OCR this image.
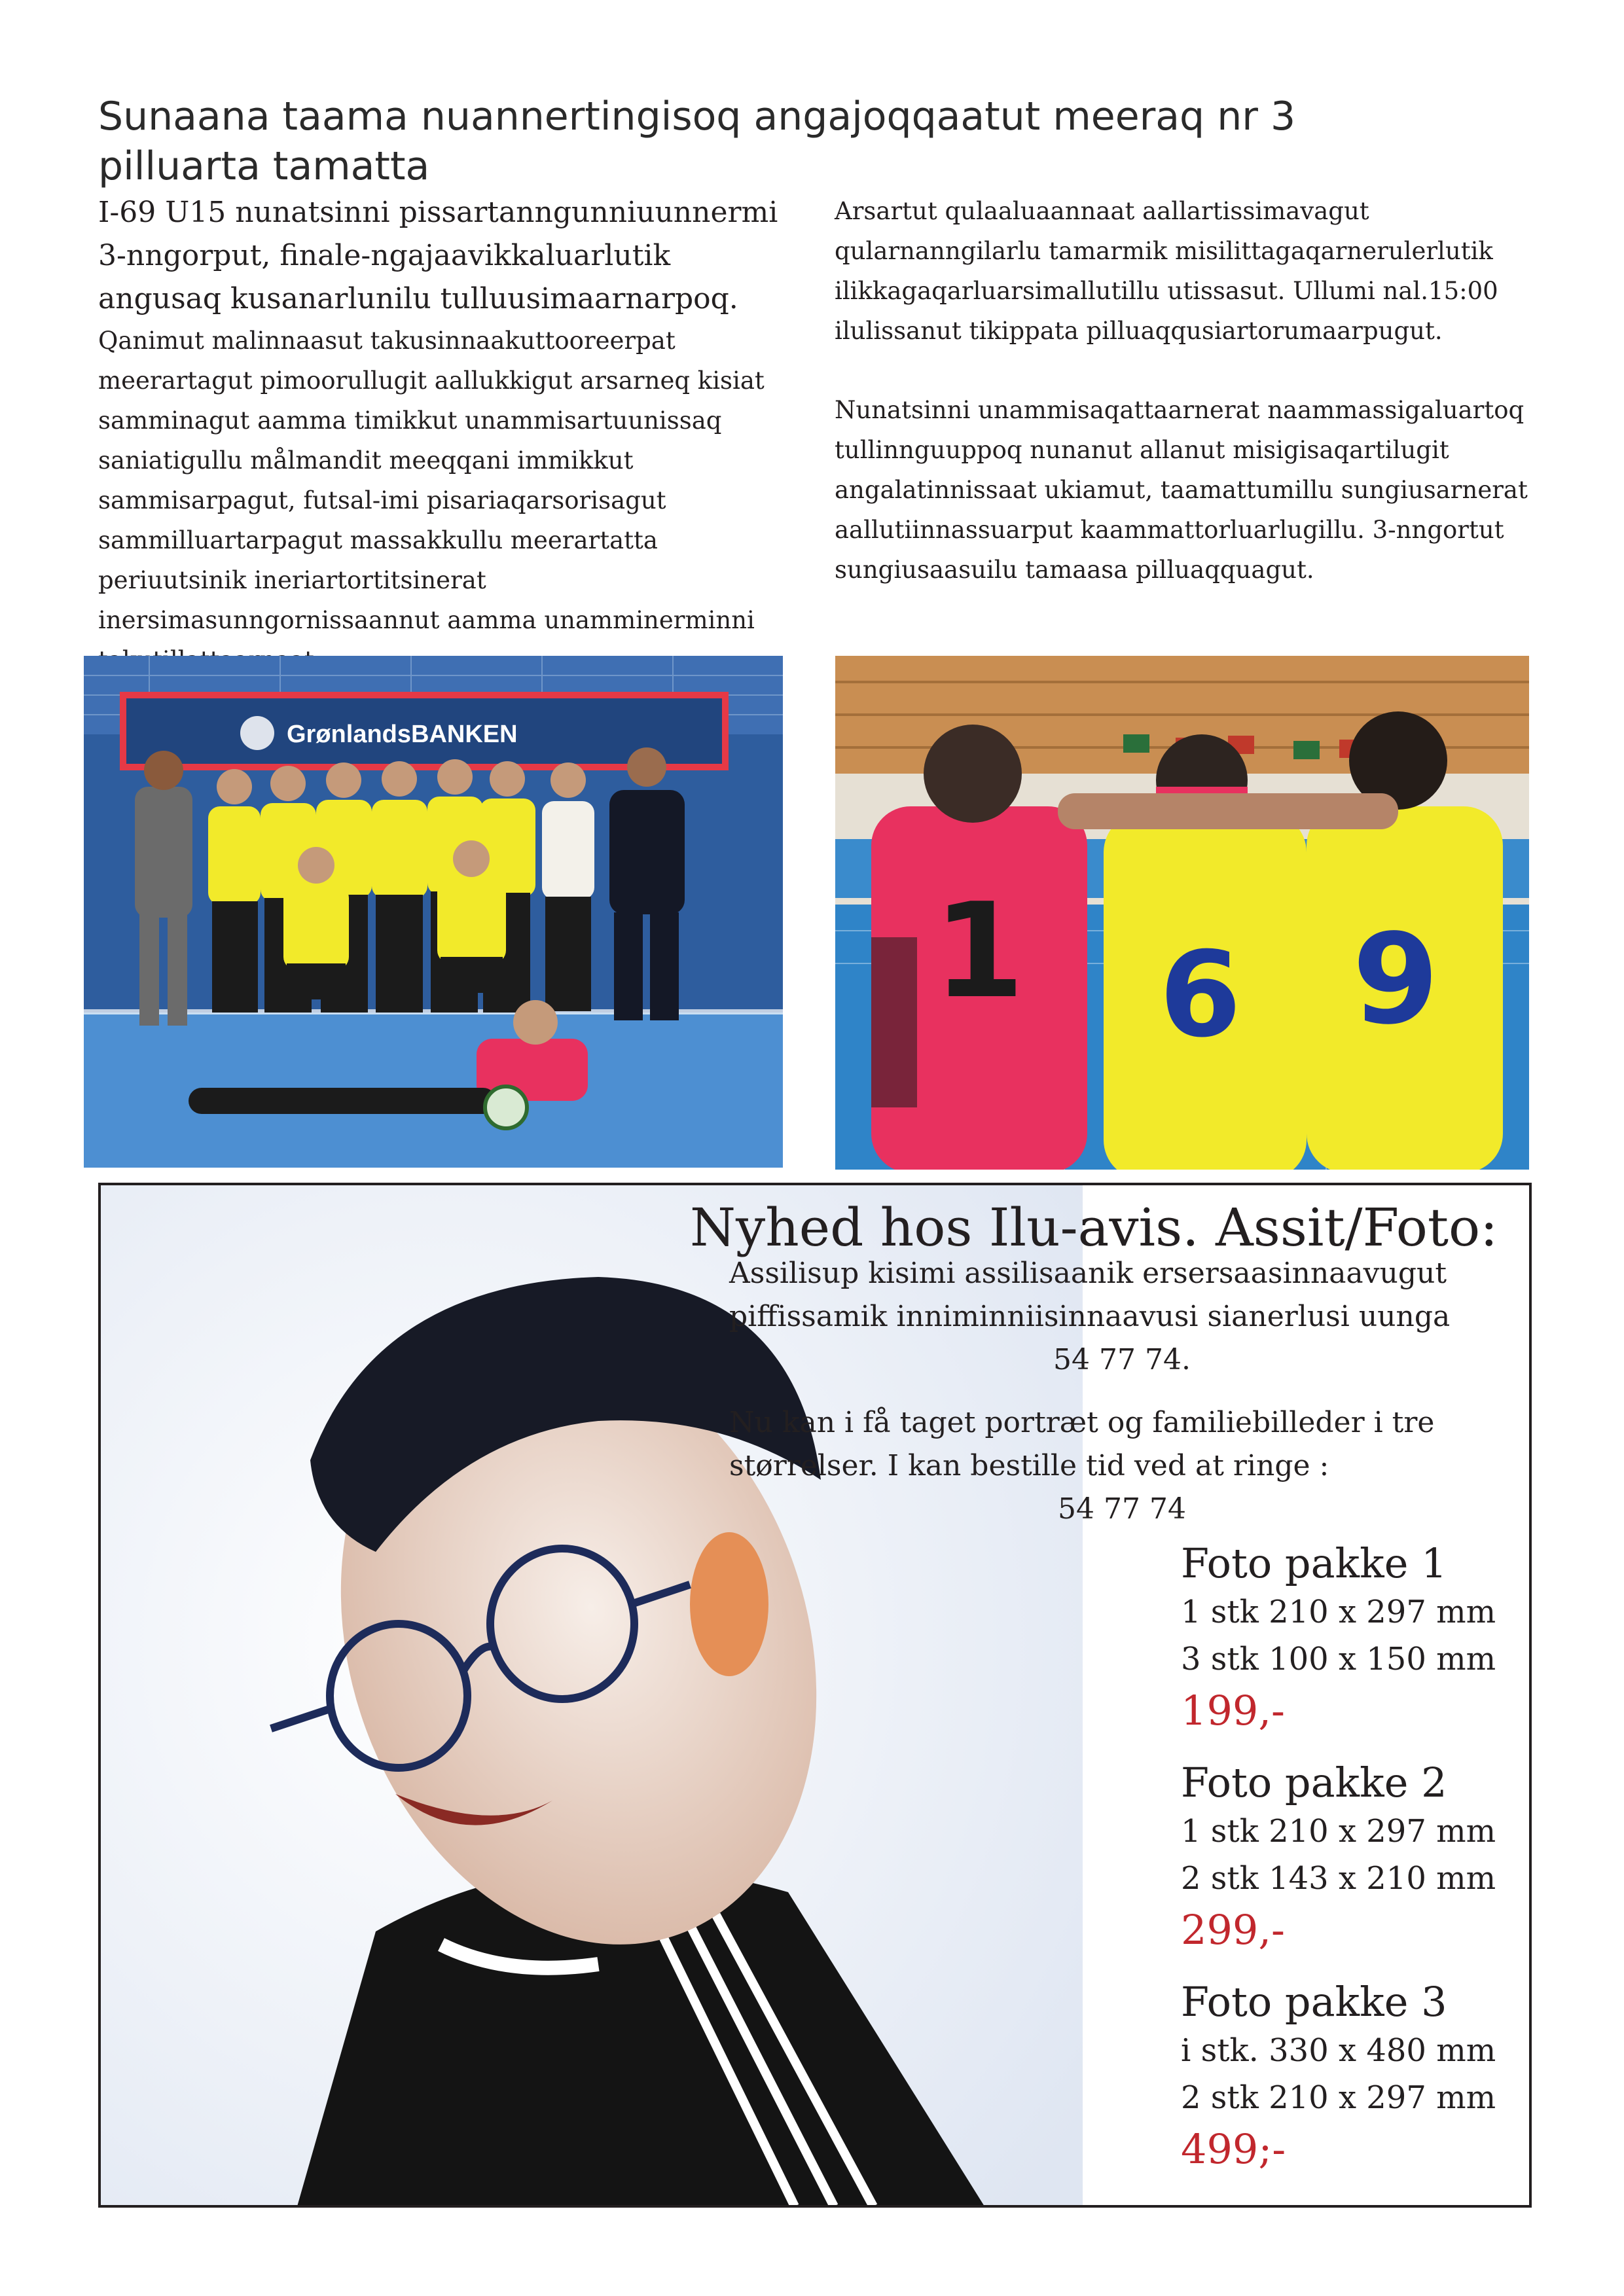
Sunaana taama nuannertingisoq angajoqqaatut meeraq nr 3 pilluarta tamatta

I-69 U15 nunatsinni pissartanngunniuunnermi 3-nngorput, finale-ngajaavikkaluarlutik angusaq kusanarlunilu tulluusimaarnarpoq.

Qanimut malinnaasut takusinnaakuttooreerpat meerartagut pimoorullugit aallukkigut arsarneq kisiat samminagut aamma timikkut unammisartuunissaq saniatigullu målmandit meeqqani immikkut sammisarpagut, futsal-imi pisariaqarsorisagut sammilluartarpagut massakkullu meerartatta periuutsinik ineriartortitsinerat inersimasunngornissaannut aamma unamminerminni

Arsartut qulaaluaannaat aallartissimavagut qularnanngilarlu tamarmik misilittagaqarnerulerlutik ilikkagaqarluarsimallutillu utissasut. Ullumi nal.15:00 ilulissanut tikippata pilluaqqusiartorumaarpugut.

Nunatsinni unammisaqattaarnerat naammassigaluartoq tullinnguuppoq nunanut allanut misigisaqartilugit angalatinnissaat ukiamut, taamattumillu sungiusarnerat aallutiinnassuarput kaammattorluarlugillu. 3-nngortut sungiusaasuilu tamaasa pilluaqquagut.

GrønlandsBANKEN
1 6 9
Nyhed hos Ilu-avis. Assit/Foto:

Assilisup kisimi assilisaanik ersersaasinnaavugut piffissamik inniminniisinnaavusi sianerlusi uunga
54 77 74.

Nu kan i få taget portræt og familiebilleder i tre størrelser. I kan bestille tid ved at ringe :
54 77 74

Foto pakke 1

1 stk 210 x 297 mm

3 stk 100 x 150 mm

199,-

Foto pakke 2

1 stk 210 x 297 mm

2 stk 143 x 210 mm

299,-

Foto pakke 3

i stk. 330 x 480 mm

2 stk 210 x 297 mm

499;-
